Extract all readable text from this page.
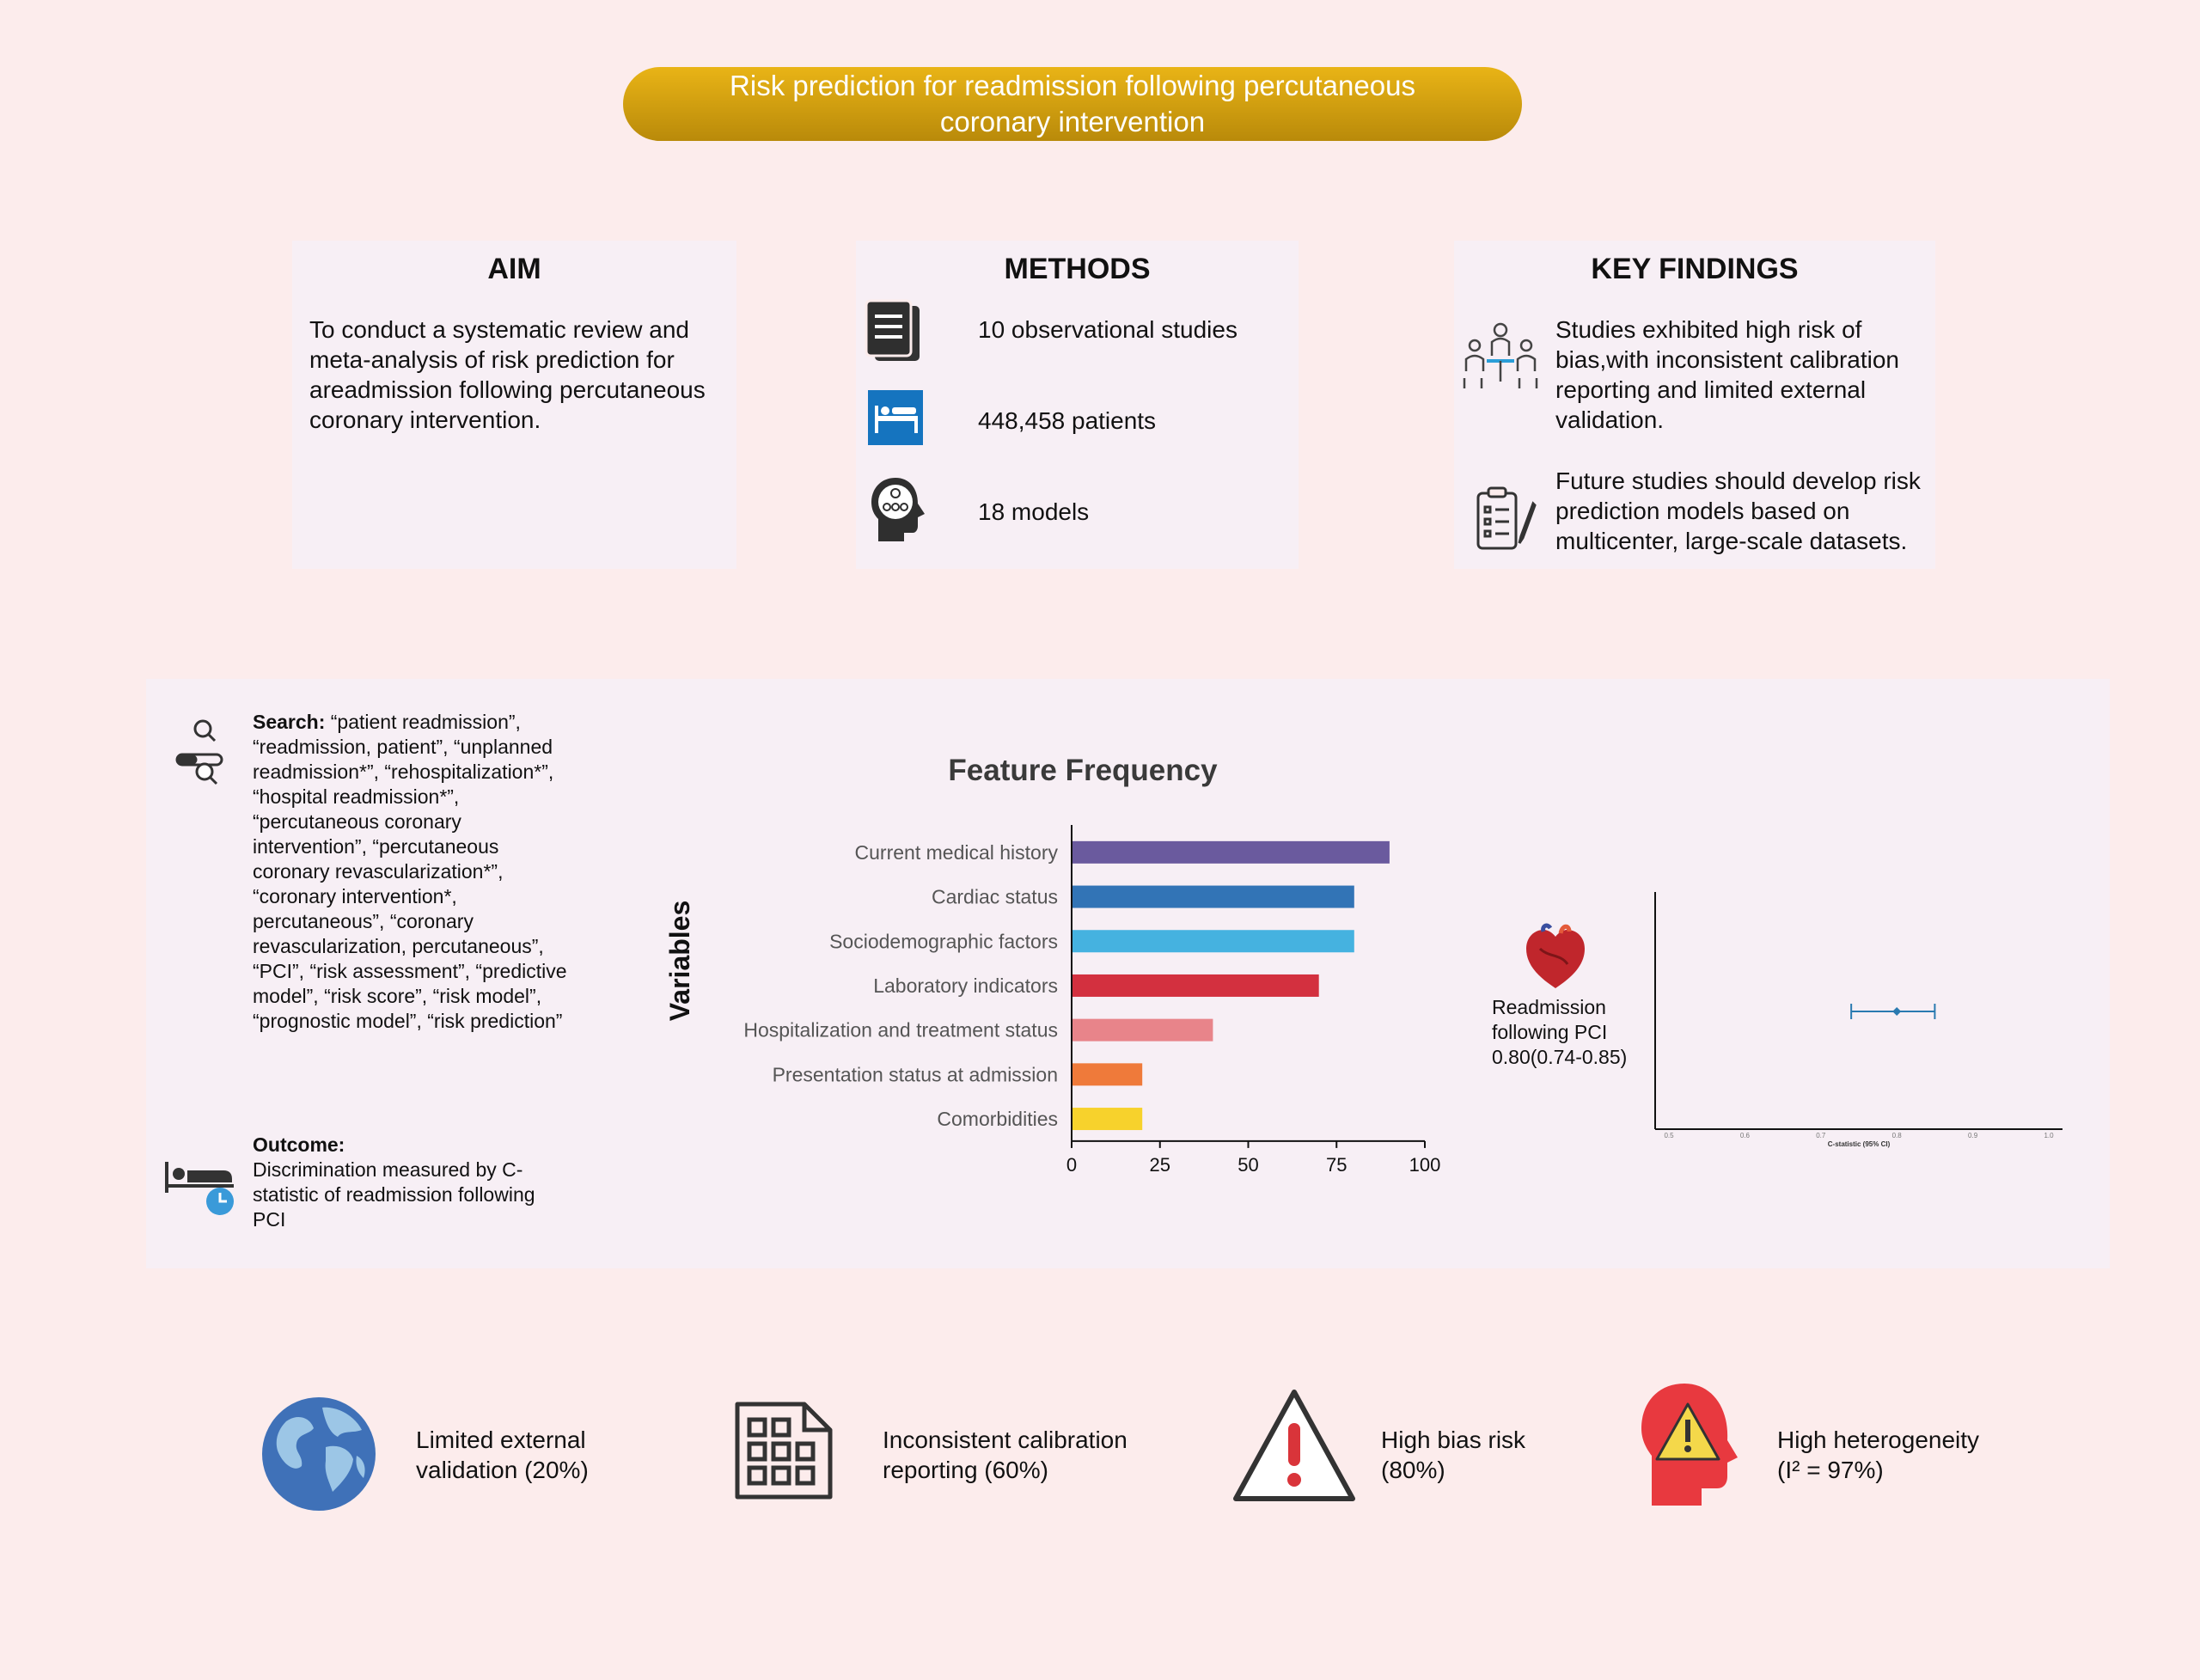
Risk prediction for readmission following percutaneous coronary intervention
AIM
To conduct a systematic review and meta-analysis of risk prediction for areadmission following percutaneous coronary intervention.
METHODS
10 observational studies
448,458 patients
18 models
KEY FINDINGS
Studies exhibited high risk of bias,with inconsistent calibration reporting and limited external validation.
Future studies should develop risk prediction models based on multicenter, large-scale datasets.
Search: “patient readmission”, “readmission, patient”, “unplanned readmission*”, “rehospitalization*”, “hospital readmission*”, “percutaneous coronary intervention”, “percutaneous coronary revascularization*”, “coronary intervention*, percutaneous”, “coronary revascularization, percutaneous”, “PCI”, “risk assessment”, “predictive model”, “risk score”, “risk model”, “prognostic model”, “risk prediction”
Outcome:
Discrimination measured by C-statistic of readmission following PCI
Feature Frequency
Variables
Current medical history
Cardiac status
Sociodemographic factors
Laboratory indicators
Hospitalization and treatment status
Presentation status at admission
Comorbidities
0	25	50	75	100
Readmission
following PCI
0.80(0.74-0.85)
0.5	0.6	0.7	0.8	0.9	1.0
C-statistic (95% CI)
Limited external
validation (20%)
Inconsistent calibration
reporting (60%)
High bias risk
(80%)
High heterogeneity
(I² = 97%)
